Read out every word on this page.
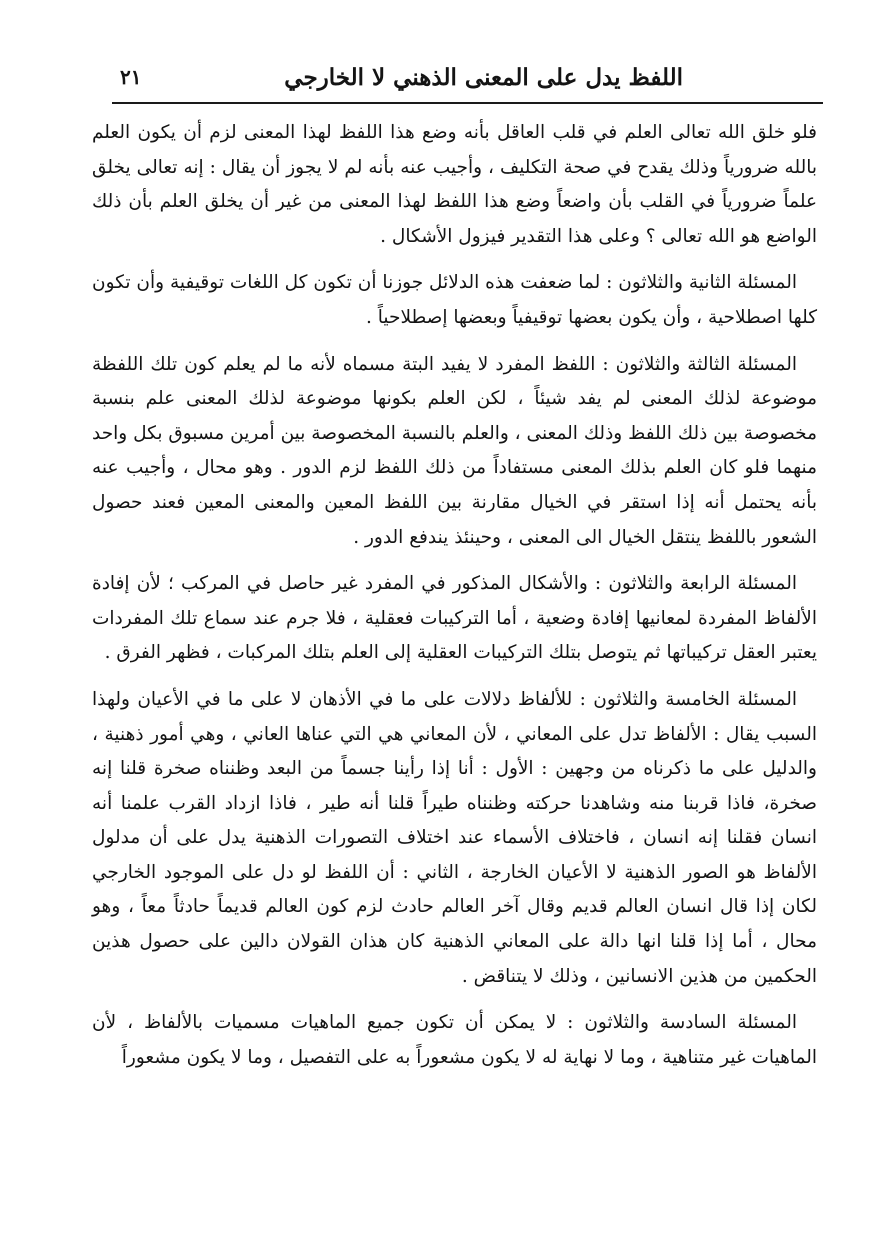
اللفظ يدل على المعنى الذهني لا الخارجي
٢١

فلو خلق الله تعالى العلم في قلب العاقل بأنه وضع هذا اللفظ لهذا المعنى لزم أن يكون العلم بالله ضرورياً وذلك يقدح في صحة التكليف ، وأجيب عنه بأنه لم لا يجوز أن يقال : إنه تعالى يخلق علماً ضرورياً في القلب بأن واضعاً وضع هذا اللفظ لهذا المعنى من غير أن يخلق العلم بأن ذلك الواضع هو الله تعالى ؟ وعلى هذا التقدير فيزول الأشكال .

المسئلة الثانية والثلاثون : لما ضعفت هذه الدلائل جوزنا أن تكون كل اللغات توقيفية وأن تكون كلها اصطلاحية ، وأن يكون بعضها توقيفياً وبعضها إصطلاحياً .

المسئلة الثالثة والثلاثون : اللفظ المفرد لا يفيد البتة مسماه لأنه ما لم يعلم كون تلك اللفظة موضوعة لذلك المعنى لم يفد شيئاً ، لكن العلم بكونها موضوعة لذلك المعنى علم بنسبة مخصوصة بين ذلك اللفظ وذلك المعنى ، والعلم بالنسبة المخصوصة بين أمرين مسبوق بكل واحد منهما فلو كان العلم بذلك المعنى مستفاداً من ذلك اللفظ لزم الدور . وهو محال ، وأجيب عنه بأنه يحتمل أنه إذا استقر في الخيال مقارنة بين اللفظ المعين والمعنى المعين فعند حصول الشعور باللفظ ينتقل الخيال الى المعنى ، وحينئذ يندفع الدور .

المسئلة الرابعة والثلاثون : والأشكال المذكور في المفرد غير حاصل في المركب ؛ لأن إفادة الألفاظ المفردة لمعانيها إفادة وضعية ، أما التركيبات فعقلية ، فلا جرم عند سماع تلك المفردات يعتبر العقل تركيباتها ثم يتوصل بتلك التركيبات العقلية إلى العلم بتلك المركبات ، فظهر الفرق .

المسئلة الخامسة والثلاثون : للألفاظ دلالات على ما في الأذهان لا على ما في الأعيان ولهذا السبب يقال : الألفاظ تدل على المعاني ، لأن المعاني هي التي عناها العاني ، وهي أمور ذهنية ، والدليل على ما ذكرناه من وجهين : الأول : أنا إذا رأينا جسماً من البعد وظنناه صخرة قلنا إنه صخرة، فاذا قربنا منه وشاهدنا حركته وظنناه طيراً قلنا أنه طير ، فاذا ازداد القرب علمنا أنه انسان فقلنا إنه انسان ، فاختلاف الأسماء عند اختلاف التصورات الذهنية يدل على أن مدلول الألفاظ هو الصور الذهنية لا الأعيان الخارجة ، الثاني : أن اللفظ لو دل على الموجود الخارجي لكان إذا قال انسان العالم قديم وقال آخر العالم حادث لزم كون العالم قديماً حادثاً معاً ، وهو محال ، أما إذا قلنا انها دالة على المعاني الذهنية كان هذان القولان دالين على حصول هذين الحكمين من هذين الانسانين ، وذلك لا يتناقض .

المسئلة السادسة والثلاثون : لا يمكن أن تكون جميع الماهيات مسميات بالألفاظ ، لأن الماهيات غير متناهية ، وما لا نهاية له لا يكون مشعوراً به على التفصيل ، وما لا يكون مشعوراً
